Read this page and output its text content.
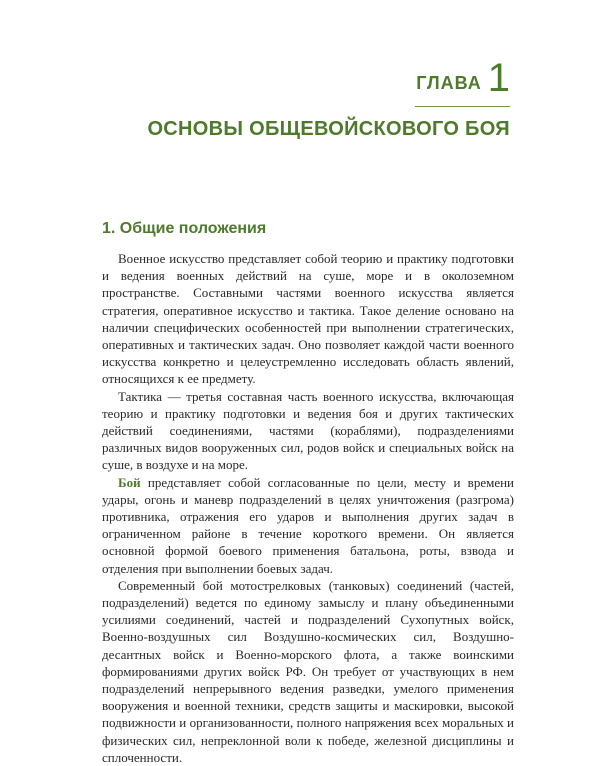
ГЛАВА 1
ОСНОВЫ ОБЩЕВОЙСКОВОГО БОЯ
1. Общие положения

Военное искусство представляет собой теорию и практику подготовки и ведения военных действий на суше, море и в околоземном пространстве. Составными частями военного искусства является стратегия, оперативное искусство и тактика. Такое деление основано на наличии специфических особенностей при выполнении стратегических, оперативных и тактических задач. Оно позволяет каждой части военного искусства конкретно и целеустремленно исследовать область явлений, относящихся к ее предмету.

Тактика — третья составная часть военного искусства, включающая теорию и практику подготовки и ведения боя и других тактических действий соединениями, частями (кораблями), подразделениями различных видов вооруженных сил, родов войск и специальных войск на суше, в воздухе и на море.

Бой представляет собой согласованные по цели, месту и времени удары, огонь и маневр подразделений в целях уничтожения (разгрома) противника, отражения его ударов и выполнения других задач в ограниченном районе в течение короткого времени. Он является основной формой боевого применения батальона, роты, взвода и отделения при выполнении боевых задач.

Современный бой мотострелковых (танковых) соединений (частей, подразделений) ведется по единому замыслу и плану объединенными усилиями соединений, частей и подразделений Сухопутных войск, Военно-воздушных сил Воздушно-космических сил, Воздушно-десантных войск и Военно-морского флота, а также воинскими формированиями других войск РФ. Он требует от участвующих в нем подразделений непрерывного ведения разведки, умелого применения вооружения и военной техники, средств защиты и маскировки, высокой подвижности и организованности, полного напряжения всех моральных и физических сил, непреклонной воли к победе, железной дисциплины и сплоченности.
